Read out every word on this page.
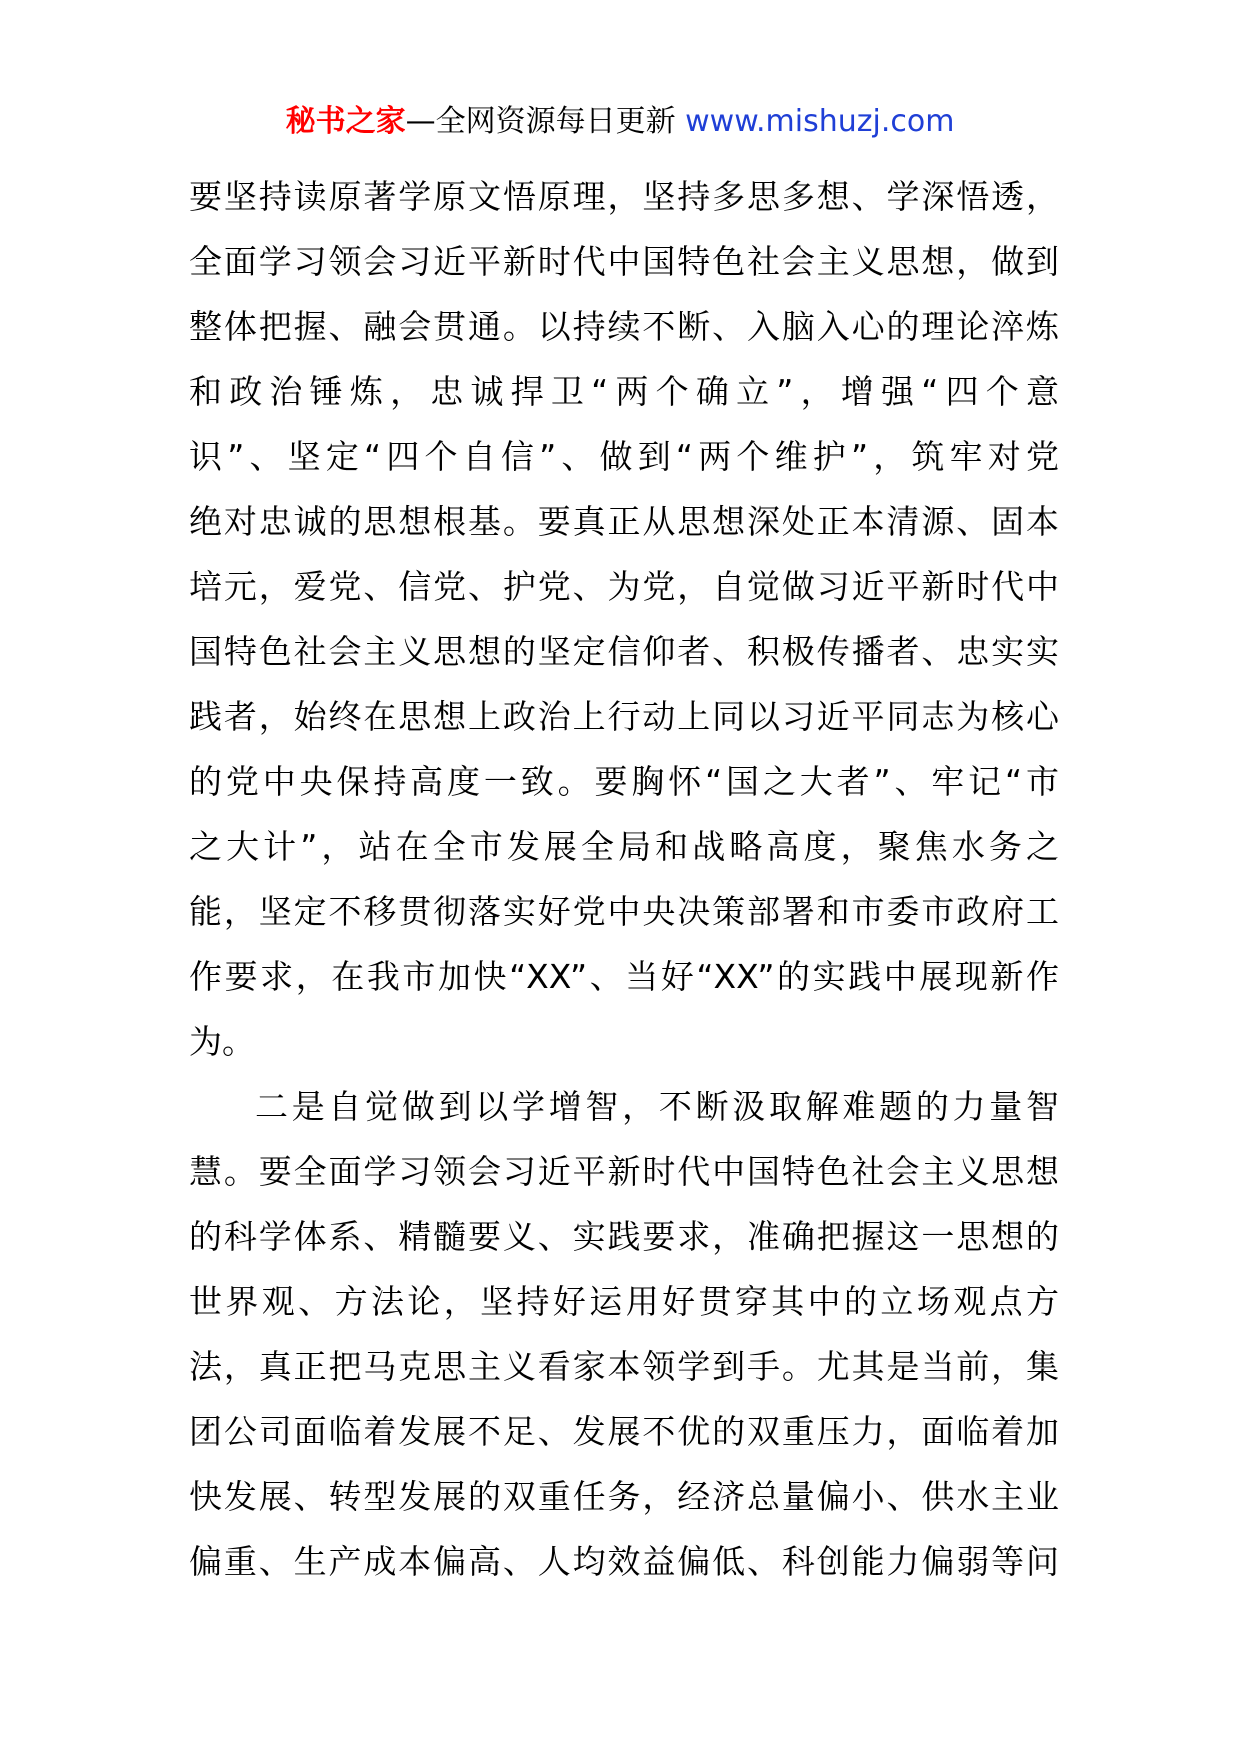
秘书之家—全网资源每日更新 www.mishuzj.com
要坚持读原著学原文悟原理，坚持多思多想、学深悟透，
全面学习领会习近平新时代中国特色社会主义思想，做到
整体把握、融会贯通。以持续不断、入脑入心的理论淬炼
和政治锤炼，忠诚捍卫“两个确立”，增强“四个意
识”、坚定“四个自信”、做到“两个维护”，筑牢对党
绝对忠诚的思想根基。要真正从思想深处正本清源、固本
培元，爱党、信党、护党、为党，自觉做习近平新时代中
国特色社会主义思想的坚定信仰者、积极传播者、忠实实
践者，始终在思想上政治上行动上同以习近平同志为核心
的党中央保持高度一致。要胸怀“国之大者”、牢记“市
之大计”，站在全市发展全局和战略高度，聚焦水务之
能，坚定不移贯彻落实好党中央决策部署和市委市政府工
作要求，在我市加快“XX”、当好“XX”的实践中展现新作
为。
二是自觉做到以学增智，不断汲取解难题的力量智
慧。要全面学习领会习近平新时代中国特色社会主义思想
的科学体系、精髓要义、实践要求，准确把握这一思想的
世界观、方法论，坚持好运用好贯穿其中的立场观点方
法，真正把马克思主义看家本领学到手。尤其是当前，集
团公司面临着发展不足、发展不优的双重压力，面临着加
快发展、转型发展的双重任务，经济总量偏小、供水主业
偏重、生产成本偏高、人均效益偏低、科创能力偏弱等问
